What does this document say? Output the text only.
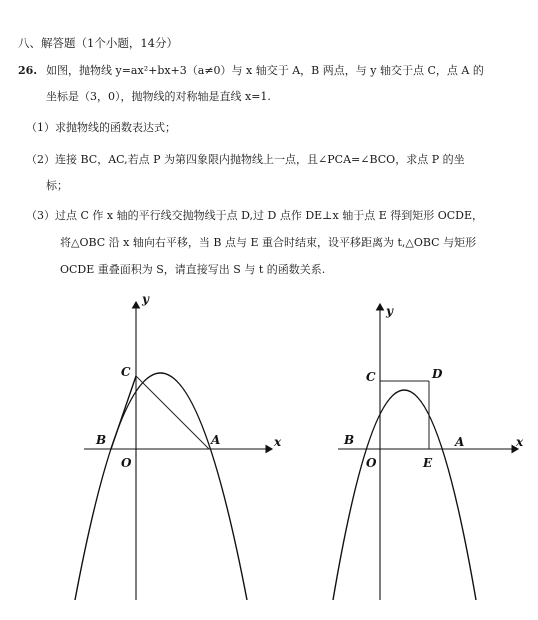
八、解答题（1个小题，14分）
26. 如图，抛物线 y=ax²+bx+3（a≠0）与 x 轴交于 A，B 两点，与 y 轴交于点 C，点 A 的
坐标是（3，0），抛物线的对称轴是直线 x=1.
（1）求抛物线的函数表达式；
（2）连接 BC，AC,若点 P 为第四象限内抛物线上一点，且∠PCA=∠BCO，求点 P 的坐
标；
（3）过点 C 作 x 轴的平行线交抛物线于点 D,过 D 点作 DE⊥x 轴于点 E 得到矩形 OCDE，
将△OBC 沿 x 轴向右平移，当 B 点与 E 重合时结束，设平移距离为 t,△OBC 与矩形
OCDE 重叠面积为 S，请直接写出 S 与 t 的函数关系.
x
y
O
A
B
C
x
y
O
B
C	D
E
A
